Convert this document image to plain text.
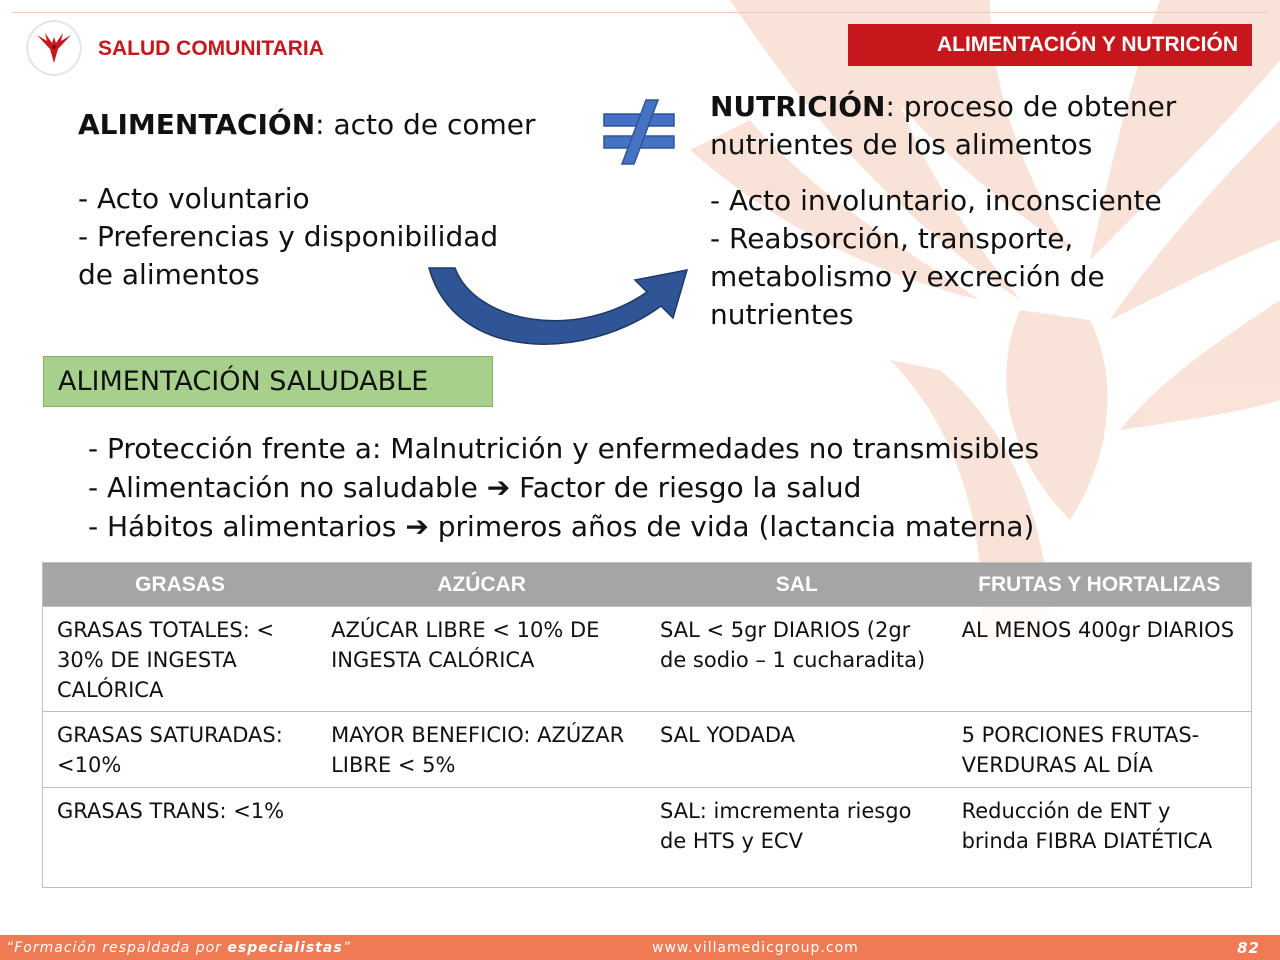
SALUD COMUNITARIA	ALIMENTACIÓN Y NUTRICIÓN
ALIMENTACIÓN: acto de comer
NUTRICIÓN: proceso de obtener
nutrientes de los alimentos
- Acto voluntario
- Preferencias y disponibilidad
de alimentos
- Acto involuntario, inconsciente
- Reabsorción, transporte,
metabolismo y excreción de
nutrientes
ALIMENTACIÓN SALUDABLE
- Protección frente a: Malnutrición y enfermedades no transmisibles
- Alimentación no saludable ➔ Factor de riesgo la salud
- Hábitos alimentarios ➔ primeros años de vida (lactancia materna)
GRASAS	AZÚCAR	SAL	FRUTAS Y HORTALIZAS
GRASAS TOTALES: < 30% DE INGESTA CALÓRICA	AZÚCAR LIBRE < 10% DE INGESTA CALÓRICA	SAL < 5gr DIARIOS (2gr de sodio – 1 cucharadita)	AL MENOS 400gr DIARIOS
GRASAS SATURADAS: <10%	MAYOR BENEFICIO: AZÚZAR LIBRE < 5%	SAL YODADA	5 PORCIONES FRUTAS-VERDURAS AL DÍA
GRASAS TRANS: <1%		SAL: imcrementa riesgo de HTS y ECV	Reducción de ENT y brinda FIBRA DIATÉTICA
“Formación respaldada por especialistas”	www.villamedicgroup.com	82
